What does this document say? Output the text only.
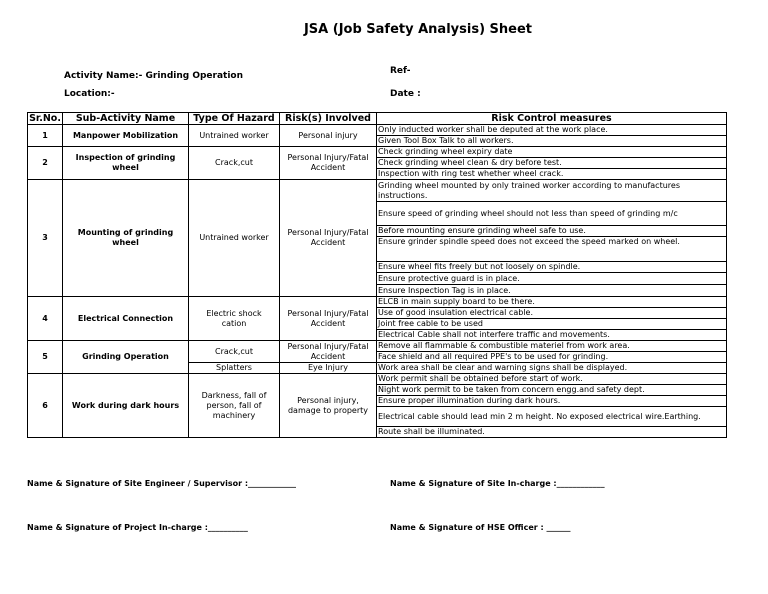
JSA (Job Safety Analysis) Sheet
Activity Name:- Grinding Operation	Ref-
Location:-	Date :
Sr.No.	Sub-Activity Name	Type Of Hazard	Risk(s) Involved	Risk Control measures
1	Manpower Mobilization	Untrained worker	Personal injury	Only inducted worker shall be deputed at the work place.
				Given Tool Box Talk to all workers.
2	Inspection of grinding wheel	Crack,cut	Personal Injury/Fatal Accident	Check grinding wheel expiry date
				Check grinding wheel clean & dry before test.
				Inspection with ring test whether wheel crack.
3	Mounting of grinding wheel	Untrained worker	Personal Injury/Fatal Accident	Grinding wheel mounted by only trained worker according to manufactures instructions.
				Ensure speed of grinding wheel should not less than speed of grinding m/c
				Before mounting ensure grinding wheel safe to use.
				Ensure grinder spindle speed does not exceed the speed marked on wheel.
				Ensure wheel fits freely but not loosely on spindle.
				Ensure protective guard is in place.
				Ensure Inspection Tag is in place.
4	Electrical Connection	Electric shock cation	Personal Injury/Fatal Accident	ELCB in main supply board to be there.
				Use of good insulation electrical cable.
				Joint free cable to be used
				Electrical Cable shall not interfere traffic and movements.
5	Grinding Operation	Crack,cut	Personal Injury/Fatal Accident	Remove all flammable & combustible materiel from work area.
				Face shield and all required PPE's to be used for grinding.
		Splatters	Eye Injury	Work area shall be clear and warning signs shall be displayed.
6	Work during dark hours	Darkness, fall of person, fall of machinery	Personal injury, damage to property	Work permit shall be obtained before start of work.
				Night work permit to be taken from concern engg.and safety dept.
				Ensure proper illumination during dark hours.
				Electrical cable should lead min 2 m height. No exposed electrical wire.Earthing.
				Route shall be illuminated.
Name & Signature of Site Engineer / Supervisor :____________	Name & Signature of Site In-charge :____________
Name & Signature of Project In-charge :__________	Name & Signature of HSE Officer : ______
